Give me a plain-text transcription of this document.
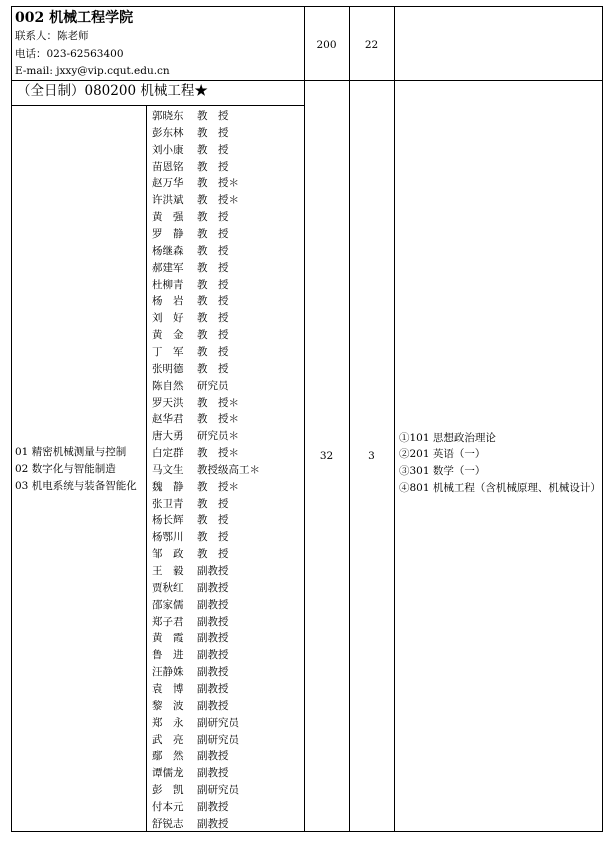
002 机械工程学院
联系人：陈老师
电话：023-62563400
E-mail: jxxy@vip.cqut.edu.cn
200	22
（全日制）080200 机械工程★
01 精密机械测量与控制
02 数字化与智能制造
03 机电系统与装备智能化
32	3
①101 思想政治理论
②201 英语（一）
③301 数学（一）
④801 机械工程（含机械原理、机械设计）
郭晓东 教　授
彭东林 教　授
刘小康 教　授
苗恩铭 教　授
赵万华 教　授＊
许洪斌 教　授＊
黄　强 教　授
罗　静 教　授
杨继森 教　授
郝建军 教　授
杜柳青 教　授
杨　岩 教　授
刘　好 教　授
黄　金 教　授
丁　军 教　授
张明德 教　授
陈自然 研究员
罗天洪 教　授＊
赵华君 教　授＊
唐大勇 研究员＊
白定群 教　授＊
马文生 教授级高工＊
魏　静 教　授＊
张卫青 教　授
杨长辉 教　授
杨鄂川 教　授
邹　政 教　授
王　毅 副教授
贾秋红 副教授
邵家儒 副教授
郑子君 副教授
黄　霞 副教授
鲁　进 副教授
汪静姝 副教授
袁　博 副教授
黎　波 副教授
郑　永 副研究员
武　亮 副研究员
鄢　然 副教授
谭儒龙 副教授
彭　凯 副研究员
付本元 副教授
舒锐志 副教授
